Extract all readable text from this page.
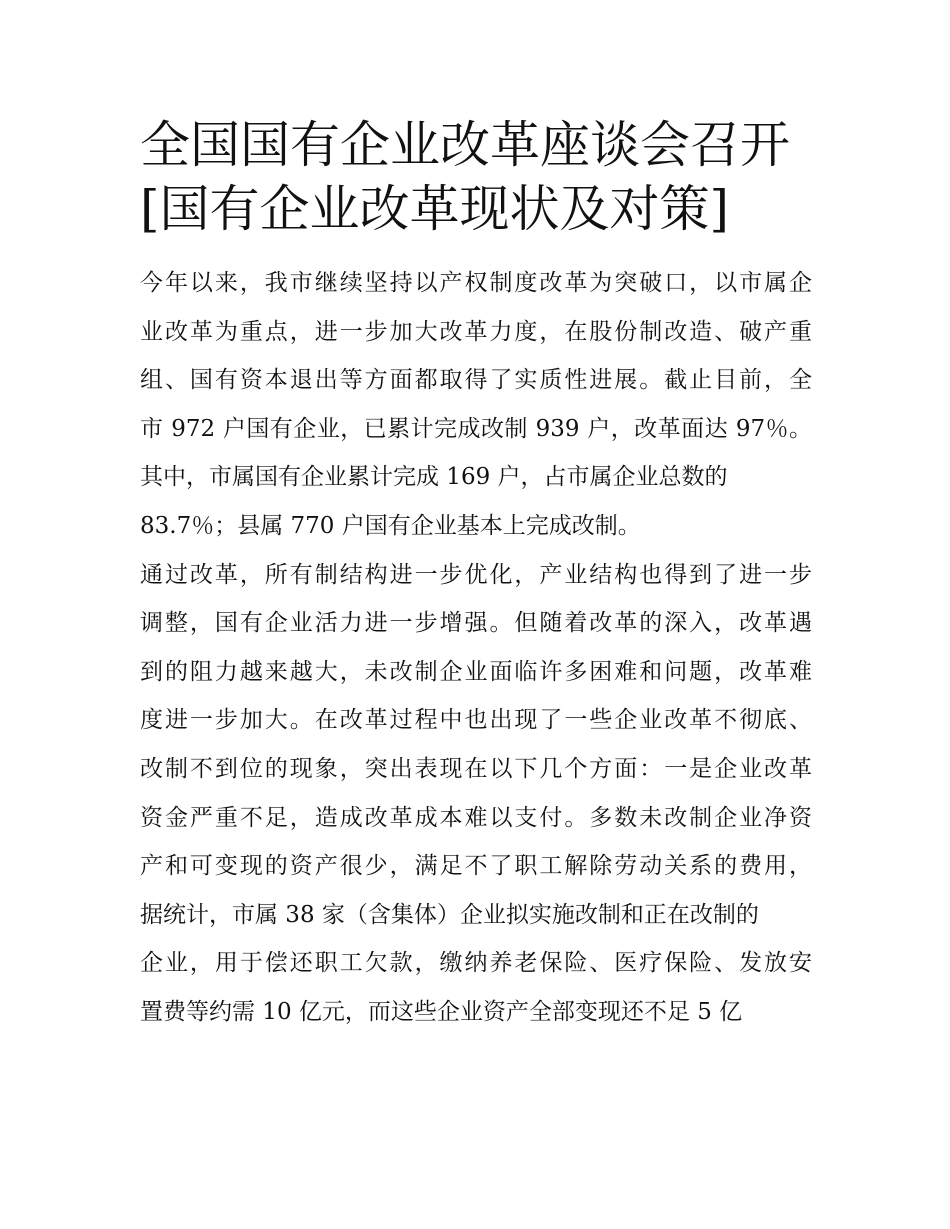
全国国有企业改革座谈会召开
[国有企业改革现状及对策]
今年以来，我市继续坚持以产权制度改革为突破口，以市属企
业改革为重点，进一步加大改革力度，在股份制改造、破产重
组、国有资本退出等方面都取得了实质性进展。截止目前，全
市 972 户国有企业，已累计完成改制 939 户，改革面达 97％。
其中，市属国有企业累计完成 169 户，占市属企业总数的
83.7％；县属 770 户国有企业基本上完成改制。
通过改革，所有制结构进一步优化，产业结构也得到了进一步
调整，国有企业活力进一步增强。但随着改革的深入，改革遇
到的阻力越来越大，未改制企业面临许多困难和问题，改革难
度进一步加大。在改革过程中也出现了一些企业改革不彻底、
改制不到位的现象，突出表现在以下几个方面：一是企业改革
资金严重不足，造成改革成本难以支付。多数未改制企业净资
产和可变现的资产很少，满足不了职工解除劳动关系的费用，
据统计，市属 38 家（含集体）企业拟实施改制和正在改制的
企业，用于偿还职工欠款，缴纳养老保险、医疗保险、发放安
置费等约需 10 亿元，而这些企业资产全部变现还不足 5 亿
